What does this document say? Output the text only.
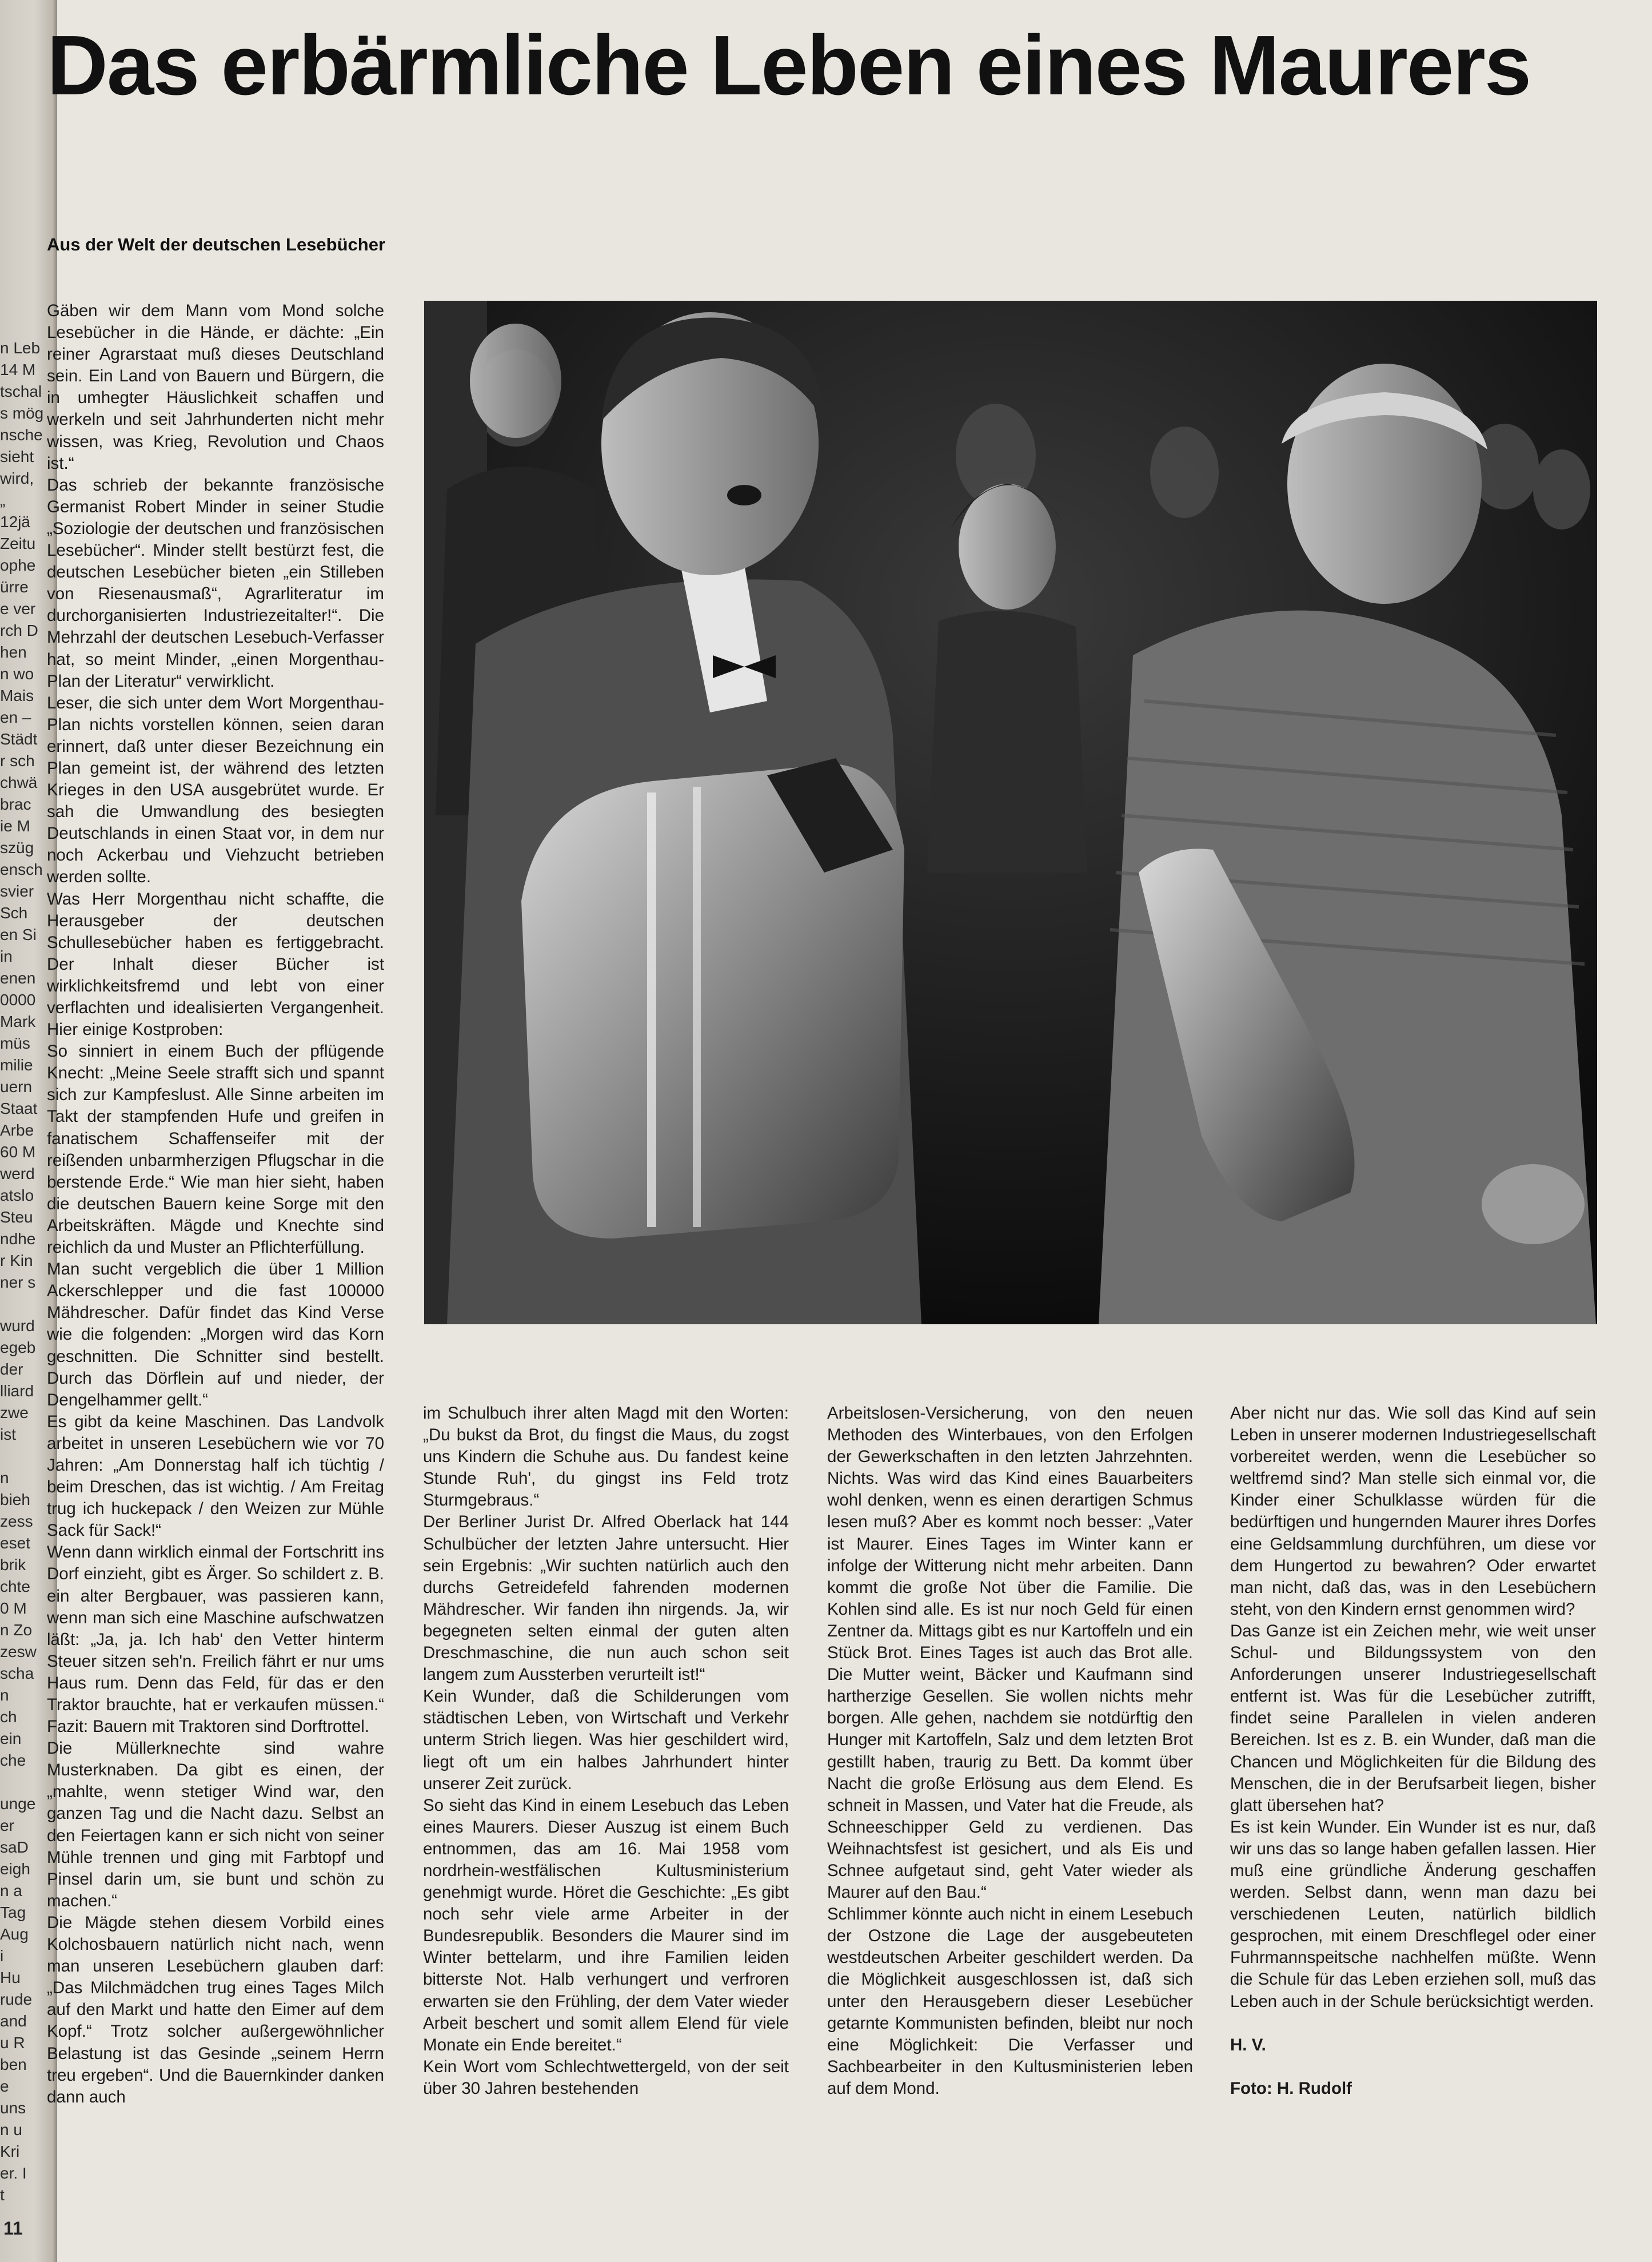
n Leb
14 M
tschal
s mög
nsche
sieht
wird,
„
12jä
Zeitu
ophe
ürre
e ver
rch D
hen
n wo
Mais
en –
Städt
r sch
chwä
brac
ie M
szüg
ensch
svier
Sch
en Si
in
enen
0000
Mark
müs
milie
uern
Staat
Arbe
60 M
werd
atslo
Steu
ndhe
r Kin
ner s
wurd
egeb
der
lliard
zwe
ist
n
bieh
zess
eset
brik
chte
0 M
n Zo
zesw
scha
n
ch
ein
che
unge
er
saD
eigh
n a
Tag
Aug
i
Hu
rude
and
u R
ben
e
uns
n u
Kri
er. I
t
11
Das erbärmliche Leben eines Maurers
Aus der Welt der deutschen Lesebücher

Gäben wir dem Mann vom Mond solche Lesebücher in die Hände, er dächte: „Ein reiner Agrarstaat muß dieses Deutschland sein. Ein Land von Bauern und Bürgern, die in umhegter Häuslichkeit schaffen und werkeln und seit Jahrhunderten nicht mehr wissen, was Krieg, Revolution und Chaos ist.“

Das schrieb der bekannte französische Germanist Robert Minder in seiner Studie „Soziologie der deutschen und französischen Lesebücher“. Minder stellt bestürzt fest, die deutschen Lesebücher bieten „ein Stilleben von Riesenausmaß“, Agrarliteratur im durchorganisierten Industriezeitalter!“. Die Mehrzahl der deutschen Lesebuch-Verfasser hat, so meint Minder, „einen Morgenthau-Plan der Literatur“ verwirklicht.

Leser, die sich unter dem Wort Morgenthau-Plan nichts vorstellen können, seien daran erinnert, daß unter dieser Bezeichnung ein Plan gemeint ist, der während des letzten Krieges in den USA ausgebrütet wurde. Er sah die Umwandlung des besiegten Deutschlands in einen Staat vor, in dem nur noch Ackerbau und Viehzucht betrieben werden sollte.

Was Herr Morgenthau nicht schaffte, die Herausgeber der deutschen Schullesebücher haben es fertiggebracht. Der Inhalt dieser Bücher ist wirklichkeitsfremd und lebt von einer verflachten und idealisierten Vergangenheit. Hier einige Kostproben:

So sinniert in einem Buch der pflügende Knecht: „Meine Seele strafft sich und spannt sich zur Kampfeslust. Alle Sinne arbeiten im Takt der stampfenden Hufe und greifen in fanatischem Schaffenseifer mit der reißenden unbarmherzigen Pflugschar in die berstende Erde.“ Wie man hier sieht, haben die deutschen Bauern keine Sorge mit den Arbeitskräften. Mägde und Knechte sind reichlich da und Muster an Pflichterfüllung.

Man sucht vergeblich die über 1 Million Ackerschlepper und die fast 100000 Mähdrescher. Dafür findet das Kind Verse wie die folgenden: „Morgen wird das Korn geschnitten. Die Schnitter sind bestellt. Durch das Dörflein auf und nieder, der Dengelhammer gellt.“

Es gibt da keine Maschinen. Das Landvolk arbeitet in unseren Lesebüchern wie vor 70 Jahren: „Am Donnerstag half ich tüchtig / beim Dreschen, das ist wichtig. / Am Freitag trug ich huckepack / den Weizen zur Mühle Sack für Sack!“

Wenn dann wirklich einmal der Fortschritt ins Dorf einzieht, gibt es Ärger. So schildert z. B. ein alter Bergbauer, was passieren kann, wenn man sich eine Maschine aufschwatzen läßt: „Ja, ja. Ich hab' den Vetter hinterm Steuer sitzen seh'n. Freilich fährt er nur ums Haus rum. Denn das Feld, für das er den Traktor brauchte, hat er verkaufen müssen.“ Fazit: Bauern mit Traktoren sind Dorftrottel.

Die Müllerknechte sind wahre Musterknaben. Da gibt es einen, der „mahlte, wenn stetiger Wind war, den ganzen Tag und die Nacht dazu. Selbst an den Feiertagen kann er sich nicht von seiner Mühle trennen und ging mit Farbtopf und Pinsel darin um, sie bunt und schön zu machen.“

Die Mägde stehen diesem Vorbild eines Kolchosbauern natürlich nicht nach, wenn man unseren Lesebüchern glauben darf: „Das Milchmädchen trug eines Tages Milch auf den Markt und hatte den Eimer auf dem Kopf.“ Trotz solcher außergewöhnlicher Belastung ist das Gesinde „seinem Herrn treu ergeben“. Und die Bauernkinder danken dann auch

im Schulbuch ihrer alten Magd mit den Worten: „Du bukst da Brot, du fingst die Maus, du zogst uns Kindern die Schuhe aus. Du fandest keine Stunde Ruh', du gingst ins Feld trotz Sturmgebraus.“

Der Berliner Jurist Dr. Alfred Oberlack hat 144 Schulbücher der letzten Jahre untersucht. Hier sein Ergebnis: „Wir suchten natürlich auch den durchs Getreidefeld fahrenden modernen Mähdrescher. Wir fanden ihn nirgends. Ja, wir begegneten selten einmal der guten alten Dreschmaschine, die nun auch schon seit langem zum Aussterben verurteilt ist!“

Kein Wunder, daß die Schilderungen vom städtischen Leben, von Wirtschaft und Verkehr unterm Strich liegen. Was hier geschildert wird, liegt oft um ein halbes Jahrhundert hinter unserer Zeit zurück.

So sieht das Kind in einem Lesebuch das Leben eines Maurers. Dieser Auszug ist einem Buch entnommen, das am 16. Mai 1958 vom nordrhein-westfälischen Kultusministerium genehmigt wurde. Höret die Geschichte: „Es gibt noch sehr viele arme Arbeiter in der Bundesrepublik. Besonders die Maurer sind im Winter bettelarm, und ihre Familien leiden bitterste Not. Halb verhungert und verfroren erwarten sie den Frühling, der dem Vater wieder Arbeit beschert und somit allem Elend für viele Monate ein Ende bereitet.“

Kein Wort vom Schlechtwettergeld, von der seit über 30 Jahren bestehenden

Arbeitslosen-Versicherung, von den neuen Methoden des Winterbaues, von den Erfolgen der Gewerkschaften in den letzten Jahrzehnten. Nichts. Was wird das Kind eines Bauarbeiters wohl denken, wenn es einen derartigen Schmus lesen muß? Aber es kommt noch besser: „Vater ist Maurer. Eines Tages im Winter kann er infolge der Witterung nicht mehr arbeiten. Dann kommt die große Not über die Familie. Die Kohlen sind alle. Es ist nur noch Geld für einen Zentner da. Mittags gibt es nur Kartoffeln und ein Stück Brot. Eines Tages ist auch das Brot alle. Die Mutter weint, Bäcker und Kaufmann sind hartherzige Gesellen. Sie wollen nichts mehr borgen. Alle gehen, nachdem sie notdürftig den Hunger mit Kartoffeln, Salz und dem letzten Brot gestillt haben, traurig zu Bett. Da kommt über Nacht die große Erlösung aus dem Elend. Es schneit in Massen, und Vater hat die Freude, als Schneeschipper Geld zu verdienen. Das Weihnachtsfest ist gesichert, und als Eis und Schnee aufgetaut sind, geht Vater wieder als Maurer auf den Bau.“

Schlimmer könnte auch nicht in einem Lesebuch der Ostzone die Lage der ausgebeuteten westdeutschen Arbeiter geschildert werden. Da die Möglichkeit ausgeschlossen ist, daß sich unter den Herausgebern dieser Lesebücher getarnte Kommunisten befinden, bleibt nur noch eine Möglichkeit: Die Verfasser und Sachbearbeiter in den Kultusministerien leben auf dem Mond.

Aber nicht nur das. Wie soll das Kind auf sein Leben in unserer modernen Industriegesellschaft vorbereitet werden, wenn die Lesebücher so weltfremd sind? Man stelle sich einmal vor, die Kinder einer Schulklasse würden für die bedürftigen und hungernden Maurer ihres Dorfes eine Geldsammlung durchführen, um diese vor dem Hungertod zu bewahren? Oder erwartet man nicht, daß das, was in den Lesebüchern steht, von den Kindern ernst genommen wird?

Das Ganze ist ein Zeichen mehr, wie weit unser Schul- und Bildungssystem von den Anforderungen unserer Industriegesellschaft entfernt ist. Was für die Lesebücher zutrifft, findet seine Parallelen in vielen anderen Bereichen. Ist es z. B. ein Wunder, daß man die Chancen und Möglichkeiten für die Bildung des Menschen, die in der Berufsarbeit liegen, bisher glatt übersehen hat?

Es ist kein Wunder. Ein Wunder ist es nur, daß wir uns das so lange haben gefallen lassen. Hier muß eine gründliche Änderung geschaffen werden. Selbst dann, wenn man dazu bei verschiedenen Leuten, natürlich bildlich gesprochen, mit einem Dreschflegel oder einer Fuhrmannspeitsche nachhelfen müßte. Wenn die Schule für das Leben erziehen soll, muß das Leben auch in der Schule berücksichtigt werden.

H. V.

Foto: H. Rudolf
